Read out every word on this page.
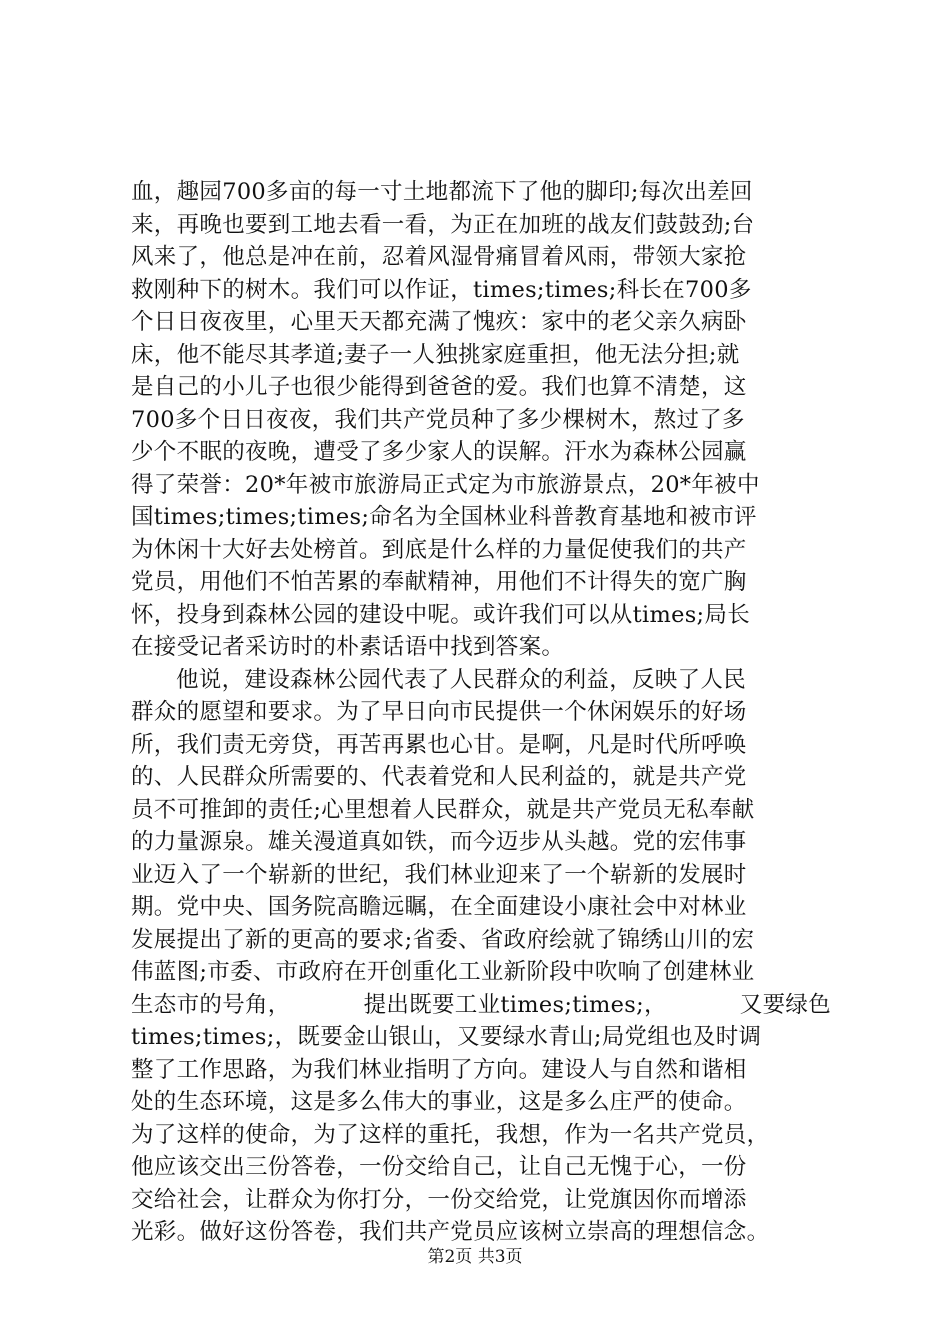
血，趣园700多亩的每一寸土地都流下了他的脚印;每次出差回
来，再晚也要到工地去看一看，为正在加班的战友们鼓鼓劲;台
风来了，他总是冲在前，忍着风湿骨痛冒着风雨，带领大家抢
救刚种下的树木。我们可以作证，times;times;科长在700多
个日日夜夜里，心里天天都充满了愧疚：家中的老父亲久病卧
床，他不能尽其孝道;妻子一人独挑家庭重担，他无法分担;就
是自己的小儿子也很少能得到爸爸的爱。我们也算不清楚，这
700多个日日夜夜，我们共产党员种了多少棵树木，熬过了多
少个不眠的夜晚，遭受了多少家人的误解。汗水为森林公园赢
得了荣誉：20*年被市旅游局正式定为市旅游景点，20*年被中
国times;times;times;命名为全国林业科普教育基地和被市评
为休闲十大好去处榜首。到底是什么样的力量促使我们的共产
党员，用他们不怕苦累的奉献精神，用他们不计得失的宽广胸
怀，投身到森林公园的建设中呢。或许我们可以从times;局长
在接受记者采访时的朴素话语中找到答案。
他说，建设森林公园代表了人民群众的利益，反映了人民
群众的愿望和要求。为了早日向市民提供一个休闲娱乐的好场
所，我们责无旁贷，再苦再累也心甘。是啊，凡是时代所呼唤
的、人民群众所需要的、代表着党和人民利益的，就是共产党
员不可推卸的责任;心里想着人民群众，就是共产党员无私奉献
的力量源泉。雄关漫道真如铁，而今迈步从头越。党的宏伟事
业迈入了一个崭新的世纪，我们林业迎来了一个崭新的发展时
期。党中央、国务院高瞻远瞩，在全面建设小康社会中对林业
发展提出了新的更高的要求;省委、省政府绘就了锦绣山川的宏
伟蓝图;市委、市政府在开创重化工业新阶段中吹响了创建林业
生态市的号角，	提出既要工业times;times;，	又要绿色
times;times;，既要金山银山，又要绿水青山;局党组也及时调
整了工作思路，为我们林业指明了方向。建设人与自然和谐相
处的生态环境，这是多么伟大的事业，这是多么庄严的使命。
为了这样的使命，为了这样的重托，我想，作为一名共产党员，
他应该交出三份答卷，一份交给自己，让自己无愧于心，一份
交给社会，让群众为你打分，一份交给党，让党旗因你而增添
光彩。做好这份答卷，我们共产党员应该树立崇高的理想信念。
第2页 共3页
